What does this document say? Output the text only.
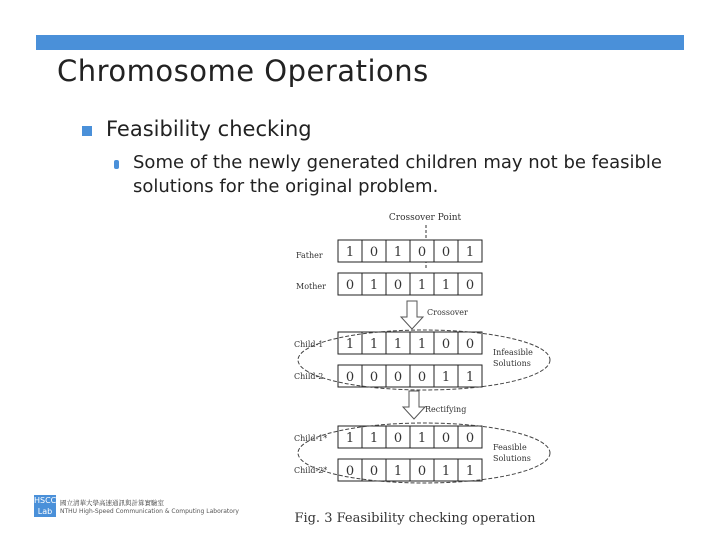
Chromosome Operations
Feasibility checking
Some of the newly generated children may not be feasible solutions for the original problem.
Crossover Point
Father
Mother
Child-1
Child-2
Child-1*
Child-2*
1 0 1 0 0 1
0 1 0 1 1 0
1 1 1 1 0 0
0 0 0 0 1 1
1 1 0 1 0 0
0 0 1 0 1 1
Crossover
Infeasible
Solutions
Rectifying
Feasible
Solutions
Fig. 3 Feasibility checking operation
HSCC
Lab
國立清華大學高速通訊與計算實驗室
NTHU High-Speed Communication & Computing Laboratory
